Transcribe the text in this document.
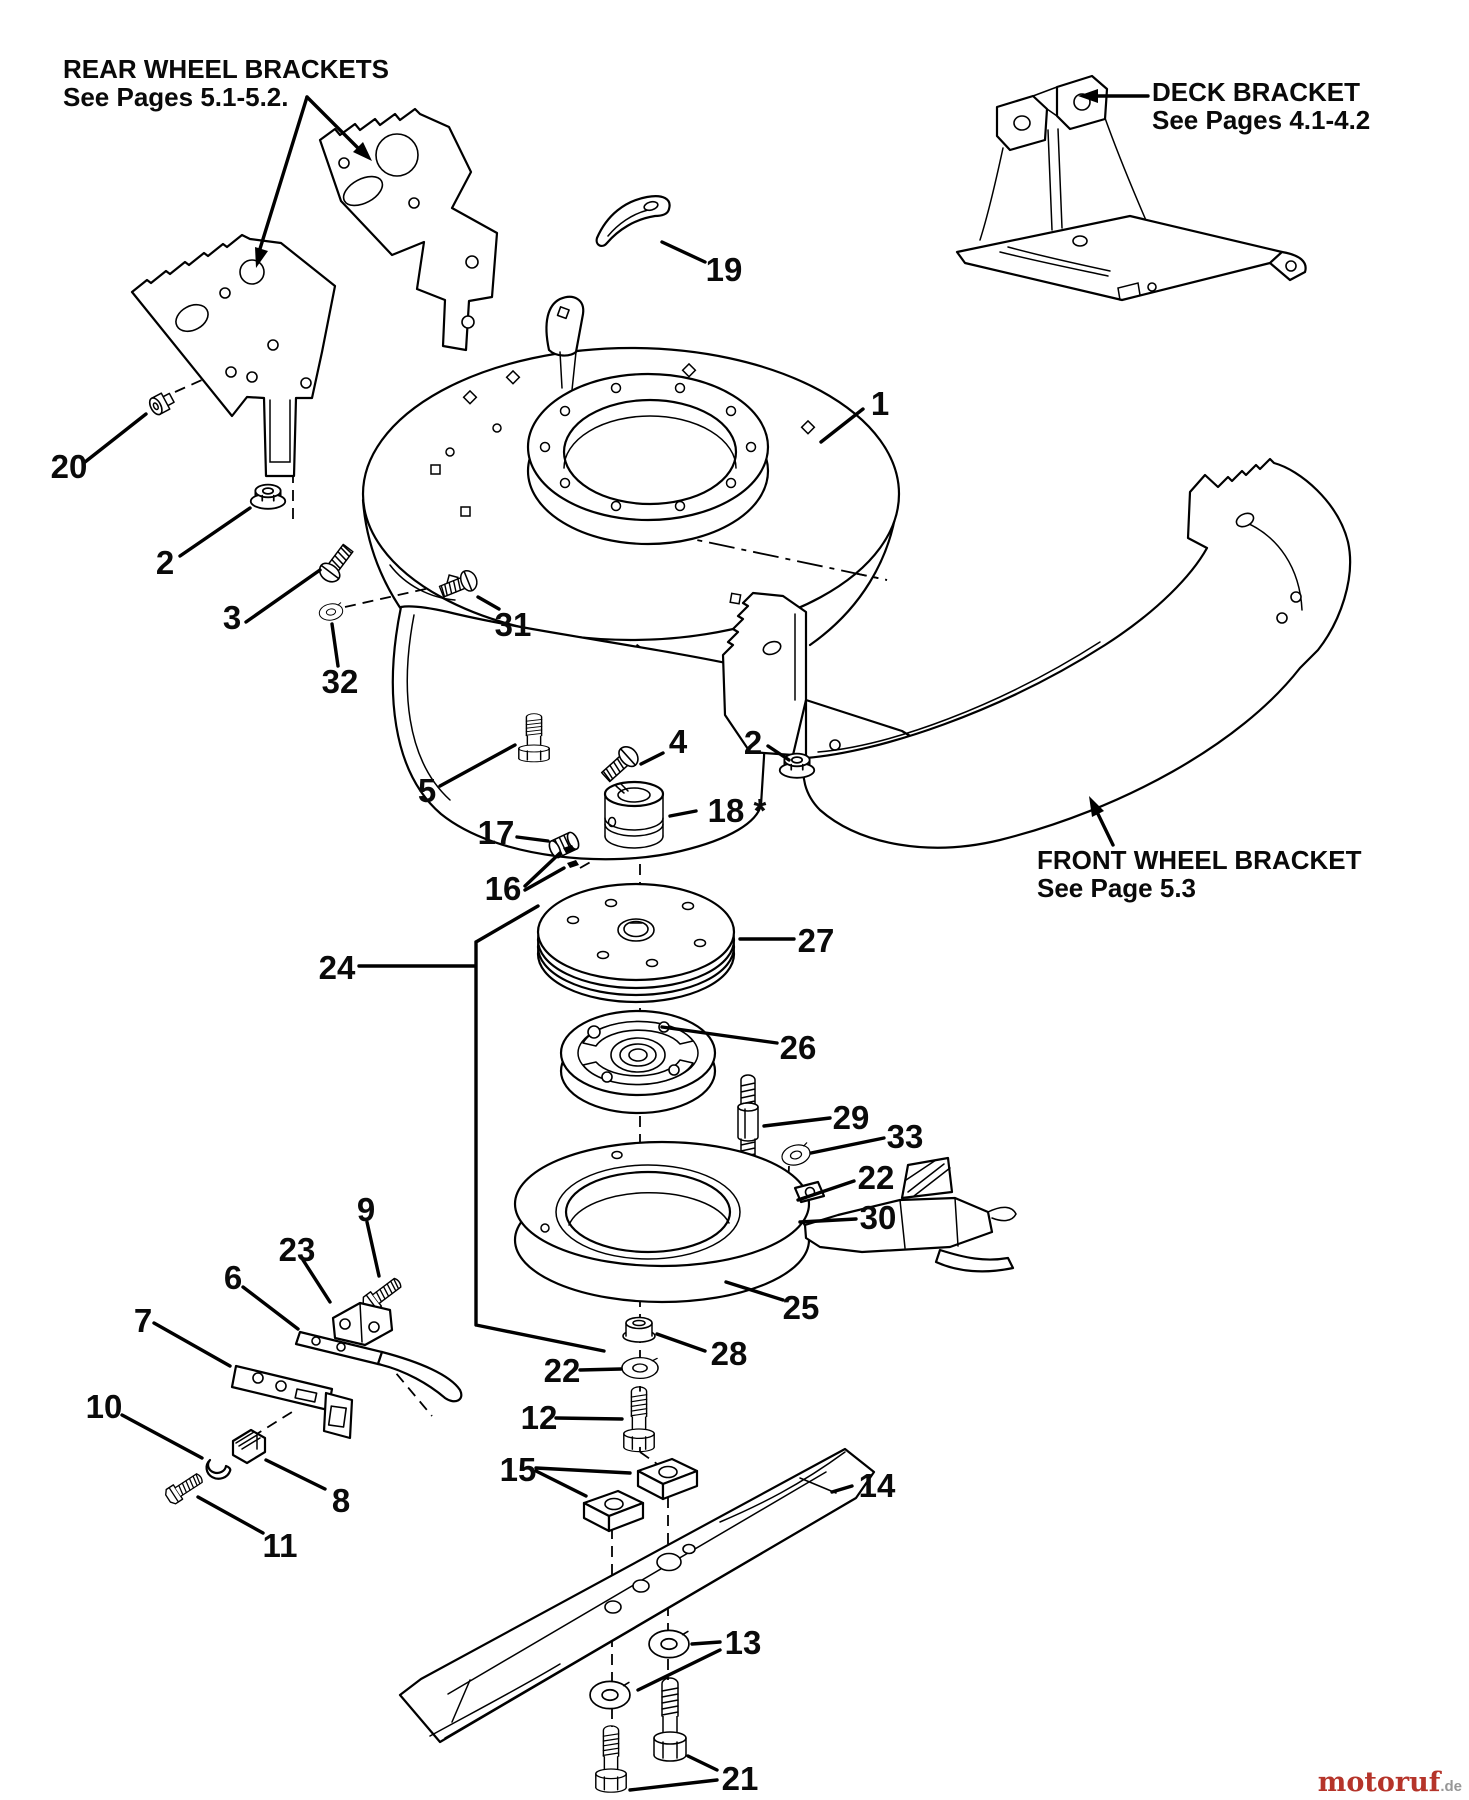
REAR WHEEL BRACKETS
See Pages 5.1-5.2.	DECK BRACKET
See Pages 4.1-4.2
FRONT WHEEL BRACKET
See Page 5.3
1
20
2
3
32
31
19
5
4 2
17
18 *
16
27
26
24
29
33
22
30
25
28
22
12
15	14
13
21
9
23
6
7
10
8
11
motoruf.de
